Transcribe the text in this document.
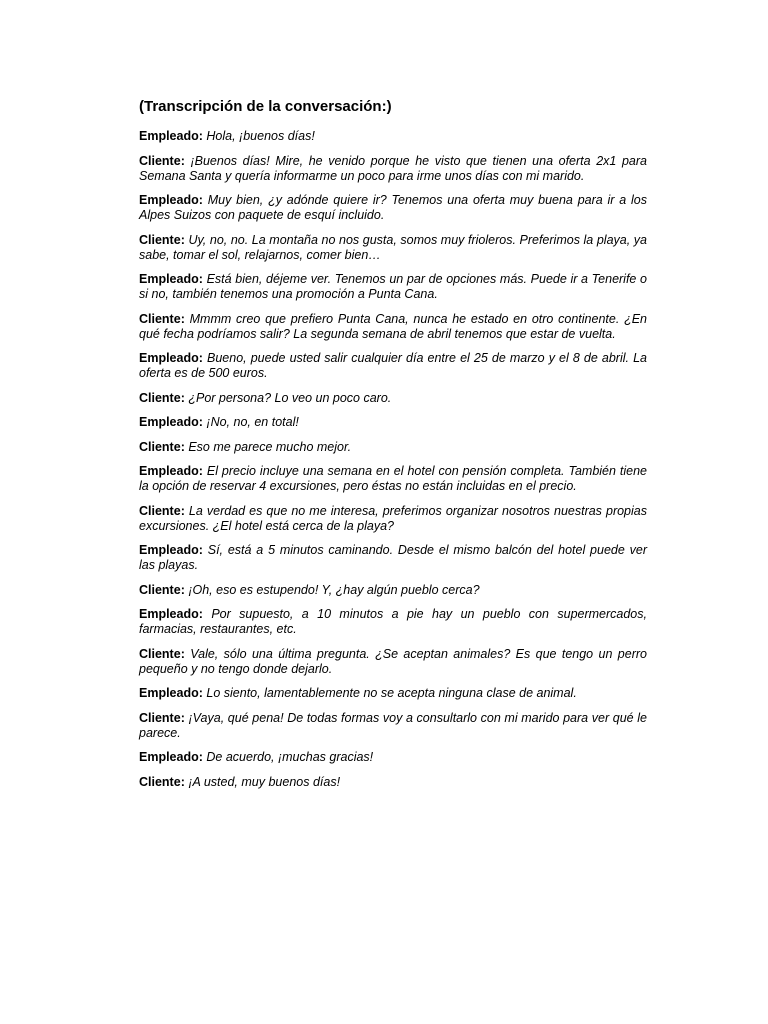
(Transcripción de la conversación:)

Empleado: Hola, ¡buenos días!

Cliente: ¡Buenos días! Mire, he venido porque he visto que tienen una oferta 2x1 para Semana Santa y quería informarme un poco para irme unos días con mi marido.

Empleado: Muy bien, ¿y adónde quiere ir? Tenemos una oferta muy buena para ir a los Alpes Suizos con paquete de esquí incluido.

Cliente: Uy, no, no. La montaña no nos gusta, somos muy frioleros. Preferimos la playa, ya sabe, tomar el sol, relajarnos, comer bien…

Empleado: Está bien, déjeme ver. Tenemos un par de opciones más. Puede ir a Tenerife o si no, también tenemos una promoción a Punta Cana.

Cliente: Mmmm creo que prefiero Punta Cana, nunca he estado en otro continente. ¿En qué fecha podríamos salir? La segunda semana de abril tenemos que estar de vuelta.

Empleado: Bueno, puede usted salir cualquier día entre el 25 de marzo y el 8 de abril. La oferta es de 500 euros.

Cliente: ¿Por persona? Lo veo un poco caro.

Empleado: ¡No, no, en total!

Cliente: Eso me parece mucho mejor.

Empleado: El precio incluye una semana en el hotel con pensión completa. También tiene la opción de reservar 4 excursiones, pero éstas no están incluidas en el precio.

Cliente: La verdad es que no me interesa, preferimos organizar nosotros nuestras propias excursiones. ¿El hotel está cerca de la playa?

Empleado: Sí, está a 5 minutos caminando. Desde el mismo balcón del hotel puede ver las playas.

Cliente: ¡Oh, eso es estupendo! Y, ¿hay algún pueblo cerca?

Empleado: Por supuesto, a 10 minutos a pie hay un pueblo con supermercados, farmacias, restaurantes, etc.

Cliente: Vale, sólo una última pregunta. ¿Se aceptan animales? Es que tengo un perro pequeño y no tengo donde dejarlo.

Empleado: Lo siento, lamentablemente no se acepta ninguna clase de animal.

Cliente: ¡Vaya, qué pena! De todas formas voy a consultarlo con mi marido para ver qué le parece.

Empleado: De acuerdo, ¡muchas gracias!

Cliente: ¡A usted, muy buenos días!
